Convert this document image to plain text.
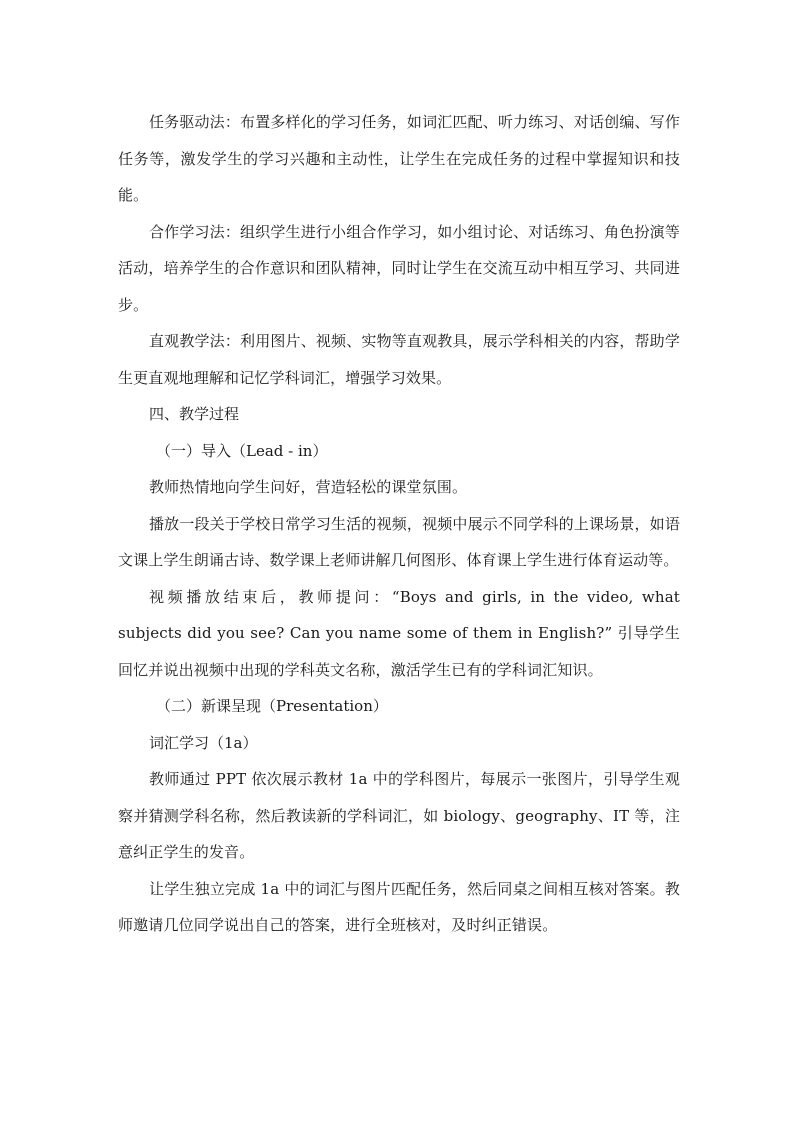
任务驱动法：布置多样化的学习任务，如词汇匹配、听力练习、对话创编、写作任务等，激发学生的学习兴趣和主动性，让学生在完成任务的过程中掌握知识和技能。

合作学习法：组织学生进行小组合作学习，如小组讨论、对话练习、角色扮演等活动，培养学生的合作意识和团队精神，同时让学生在交流互动中相互学习、共同进步。

直观教学法：利用图片、视频、实物等直观教具，展示学科相关的内容，帮助学生更直观地理解和记忆学科词汇，增强学习效果。

四、教学过程

（一）导入（Lead - in）

教师热情地向学生问好，营造轻松的课堂氛围。

播放一段关于学校日常学习生活的视频，视频中展示不同学科的上课场景，如语文课上学生朗诵古诗、数学课上老师讲解几何图形、体育课上学生进行体育运动等。

视频播放结束后，教师提问：“Boys and girls, in the video, what subjects did you see? Can you name some of them in English?” 引导学生回忆并说出视频中出现的学科英文名称，激活学生已有的学科词汇知识。

（二）新课呈现（Presentation）

词汇学习（1a）

教师通过 PPT 依次展示教材 1a 中的学科图片，每展示一张图片，引导学生观察并猜测学科名称，然后教读新的学科词汇，如 biology、geography、IT 等，注意纠正学生的发音。

让学生独立完成 1a 中的词汇与图片匹配任务，然后同桌之间相互核对答案。教师邀请几位同学说出自己的答案，进行全班核对，及时纠正错误。
